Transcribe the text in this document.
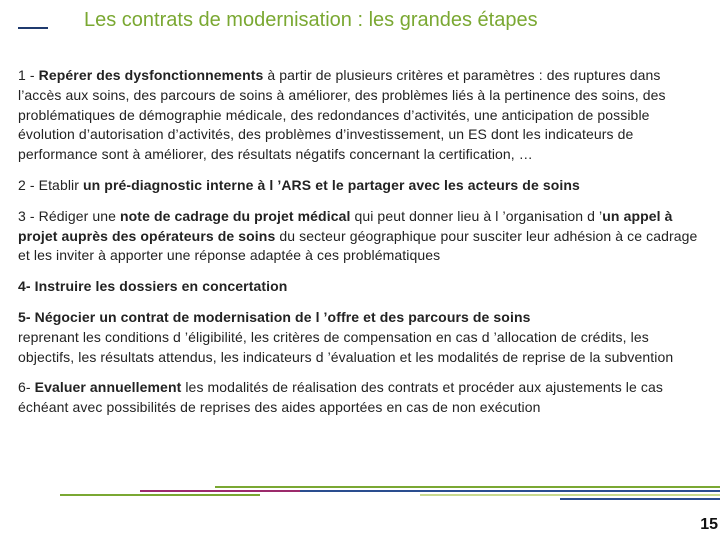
Les contrats de modernisation : les grandes étapes

1 - Repérer des dysfonctionnements à partir de plusieurs critères et paramètres : des ruptures dans l’accès aux soins, des parcours de soins à améliorer, des problèmes liés à la pertinence des soins, des problématiques de démographie médicale, des redondances d’activités, une anticipation de possible évolution d’autorisation d’activités, des problèmes d’investissement, un ES dont les indicateurs de performance sont à améliorer, des résultats négatifs concernant la certification, …

2 - Etablir un pré-diagnostic interne à l ’ARS et le partager avec les acteurs de soins

3 - Rédiger une note de cadrage du projet médical qui peut donner lieu à l ’organisation d ’un appel à projet auprès des opérateurs de soins du secteur géographique pour susciter leur adhésion à ce cadrage et les inviter à apporter une réponse adaptée à ces problématiques

4- Instruire les dossiers en concertation

5- Négocier un contrat de modernisation de l ’offre et des parcours de soins
reprenant les conditions d ’éligibilité, les critères de compensation en cas d ’allocation de crédits, les objectifs, les résultats attendus, les indicateurs d ’évaluation et les modalités de reprise de la subvention

6- Evaluer annuellement les modalités de réalisation des contrats et procéder aux ajustements le cas échéant avec possibilités de reprises des aides apportées en cas de non exécution

15
